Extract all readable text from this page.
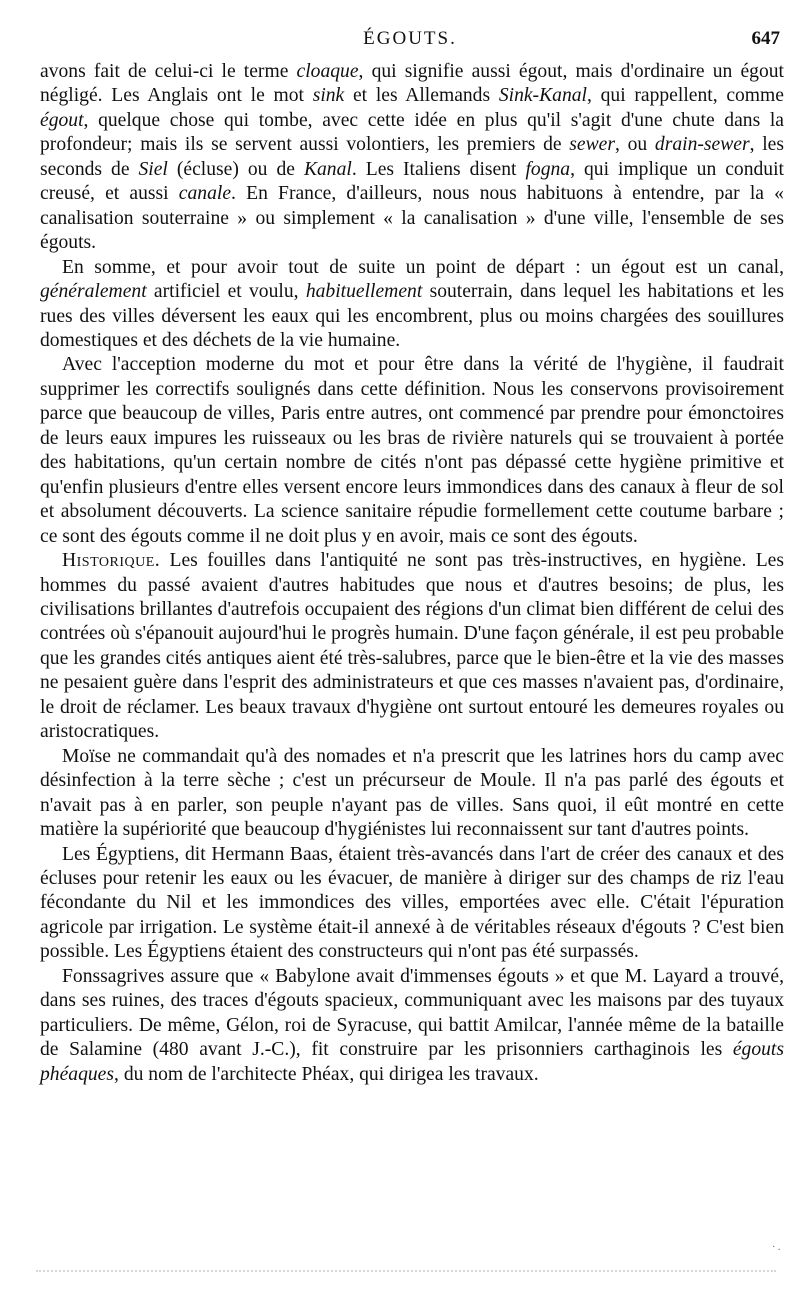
ÉGOUTS.	647

avons fait de celui-ci le terme cloaque, qui signifie aussi égout, mais d'ordinaire un égout négligé. Les Anglais ont le mot sink et les Allemands Sink-Kanal, qui rappellent, comme égout, quelque chose qui tombe, avec cette idée en plus qu'il s'agit d'une chute dans la profondeur; mais ils se servent aussi volontiers, les premiers de sewer, ou drain-sewer, les seconds de Siel (écluse) ou de Kanal. Les Italiens disent fogna, qui implique un conduit creusé, et aussi canale. En France, d'ailleurs, nous nous habituons à entendre, par la « canalisation souterraine » ou simplement « la canalisation » d'une ville, l'ensemble de ses égouts.

En somme, et pour avoir tout de suite un point de départ : un égout est un canal, généralement artificiel et voulu, habituellement souterrain, dans lequel les habitations et les rues des villes déversent les eaux qui les encombrent, plus ou moins chargées des souillures domestiques et des déchets de la vie humaine.

Avec l'acception moderne du mot et pour être dans la vérité de l'hygiène, il faudrait supprimer les correctifs soulignés dans cette définition. Nous les conservons provisoirement parce que beaucoup de villes, Paris entre autres, ont commencé par prendre pour émonctoires de leurs eaux impures les ruisseaux ou les bras de rivière naturels qui se trouvaient à portée des habitations, qu'un certain nombre de cités n'ont pas dépassé cette hygiène primitive et qu'enfin plusieurs d'entre elles versent encore leurs immondices dans des canaux à fleur de sol et absolument découverts. La science sanitaire répudie formellement cette coutume barbare ; ce sont des égouts comme il ne doit plus y en avoir, mais ce sont des égouts.

Historique. Les fouilles dans l'antiquité ne sont pas très-instructives, en hygiène. Les hommes du passé avaient d'autres habitudes que nous et d'autres besoins; de plus, les civilisations brillantes d'autrefois occupaient des régions d'un climat bien différent de celui des contrées où s'épanouit aujourd'hui le progrès humain. D'une façon générale, il est peu probable que les grandes cités antiques aient été très-salubres, parce que le bien-être et la vie des masses ne pesaient guère dans l'esprit des administrateurs et que ces masses n'avaient pas, d'ordinaire, le droit de réclamer. Les beaux travaux d'hygiène ont surtout entouré les demeures royales ou aristocratiques.

Moïse ne commandait qu'à des nomades et n'a prescrit que les latrines hors du camp avec désinfection à la terre sèche ; c'est un précurseur de Moule. Il n'a pas parlé des égouts et n'avait pas à en parler, son peuple n'ayant pas de villes. Sans quoi, il eût montré en cette matière la supériorité que beaucoup d'hygiénistes lui reconnaissent sur tant d'autres points.

Les Égyptiens, dit Hermann Baas, étaient très-avancés dans l'art de créer des canaux et des écluses pour retenir les eaux ou les évacuer, de manière à diriger sur des champs de riz l'eau fécondante du Nil et les immondices des villes, emportées avec elle. C'était l'épuration agricole par irrigation. Le système était-il annexé à de véritables réseaux d'égouts ? C'est bien possible. Les Égyptiens étaient des constructeurs qui n'ont pas été surpassés.

Fonssagrives assure que « Babylone avait d'immenses égouts » et que M. Layard a trouvé, dans ses ruines, des traces d'égouts spacieux, communiquant avec les maisons par des tuyaux particuliers. De même, Gélon, roi de Syracuse, qui battit Amilcar, l'année même de la bataille de Salamine (480 avant J.-C.), fit construire par les prisonniers carthaginois les égouts phéaques, du nom de l'architecte Phéax, qui dirigea les travaux.

· .
